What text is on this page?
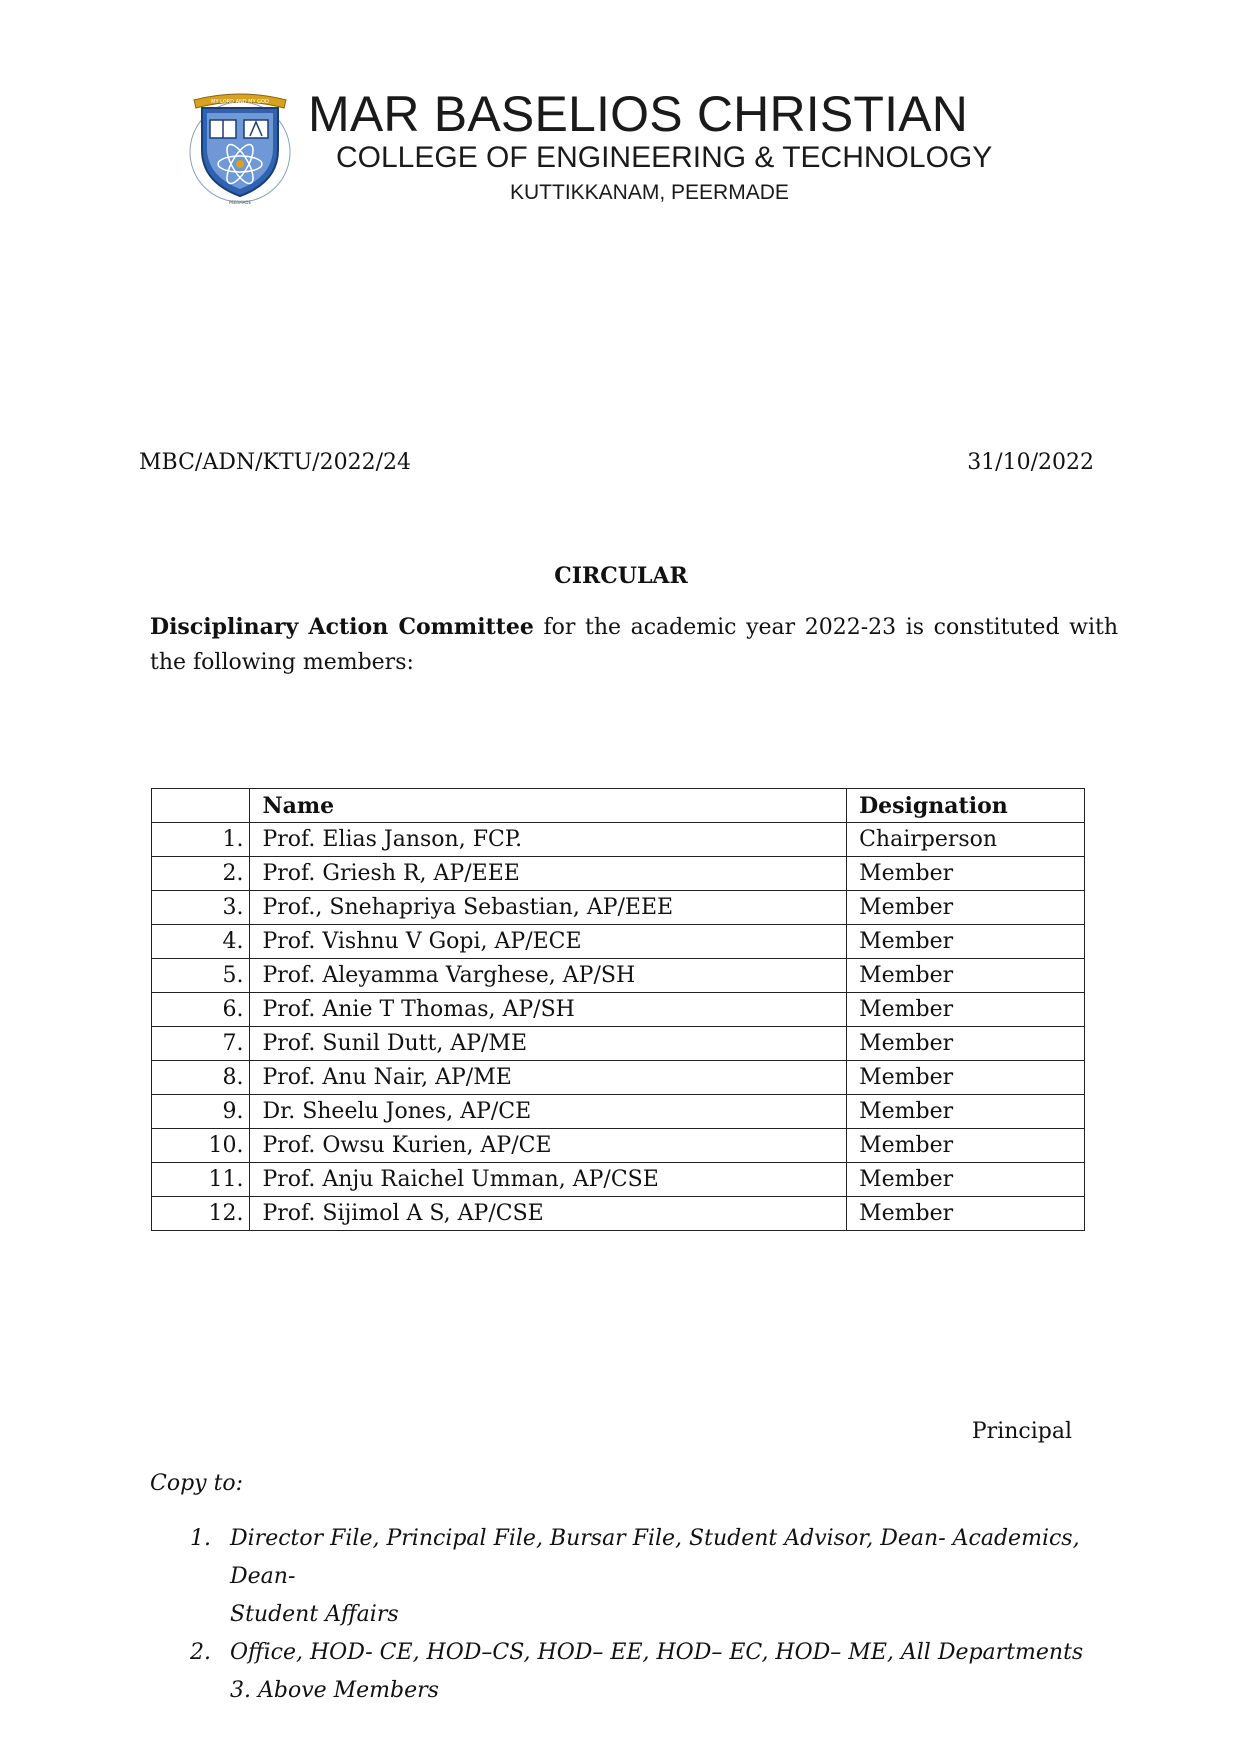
MY LORD AND MY GOD
PEERMADE
MAR BASELIOS CHRISTIAN
COLLEGE OF ENGINEERING & TECHNOLOGY
KUTTIKKANAM, PEERMADE
MBC/ADN/KTU/2022/24	31/10/2022
CIRCULAR
Disciplinary Action Committee for the academic year 2022-23 is constituted with the following members:
	Name	Designation
1.	Prof. Elias Janson, FCP.	Chairperson
2.	Prof. Griesh R, AP/EEE	Member
3.	Prof., Snehapriya Sebastian, AP/EEE	Member
4.	Prof. Vishnu V Gopi, AP/ECE	Member
5.	Prof. Aleyamma Varghese, AP/SH	Member
6.	Prof. Anie T Thomas, AP/SH	Member
7.	Prof. Sunil Dutt, AP/ME	Member
8.	Prof. Anu Nair, AP/ME	Member
9.	Dr. Sheelu Jones, AP/CE	Member
10.	Prof. Owsu Kurien, AP/CE	Member
11.	Prof. Anju Raichel Umman, AP/CSE	Member
12.	Prof. Sijimol A S, AP/CSE	Member
Principal
Copy to:
1. Director File, Principal File, Bursar File, Student Advisor, Dean- Academics, Dean-
Student Affairs
2. Office, HOD- CE, HOD–CS, HOD– EE, HOD– EC, HOD– ME, All Departments
3. Above Members
